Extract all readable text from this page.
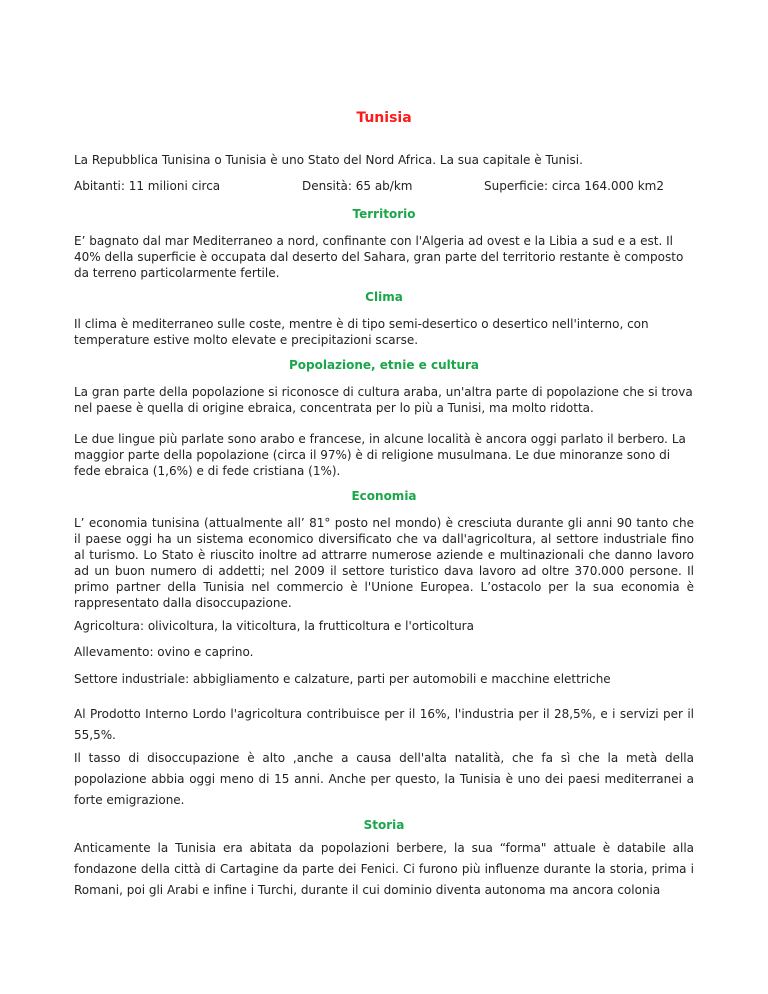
Tunisia

La Repubblica Tunisina o Tunisia è uno Stato del Nord Africa. La sua capitale è Tunisi.

Abitanti: 11 milioni circa	Densità: 65 ab/km	Superficie: circa 164.000 km2
Territorio

E’ bagnato dal mar Mediterraneo a nord, confinante con l'Algeria ad ovest e la Libia a sud e a est. Il 40% della superficie è occupata dal deserto del Sahara, gran parte del territorio restante è composto da terreno particolarmente fertile.

Clima

Il clima è mediterraneo sulle coste, mentre è di tipo semi-desertico o desertico nell'interno, con temperature estive molto elevate e precipitazioni scarse.

Popolazione, etnie e cultura

La gran parte della popolazione si riconosce di cultura araba, un'altra parte di popolazione che si trova nel paese è quella di origine ebraica, concentrata per lo più a Tunisi, ma molto ridotta.

Le due lingue più parlate sono arabo e francese, in alcune località è ancora oggi parlato il berbero. La maggior parte della popolazione (circa il 97%) è di religione musulmana. Le due minoranze sono di fede ebraica (1,6%) e di fede cristiana (1%).

Economia

L’ economia tunisina (attualmente all’ 81° posto nel mondo) è cresciuta durante gli anni 90 tanto che il paese oggi ha un sistema economico diversificato che va dall'agricoltura, al settore industriale fino al turismo. Lo Stato è riuscito inoltre ad attrarre numerose aziende e multinazionali che danno lavoro ad un buon numero di addetti; nel 2009 il settore turistico dava lavoro ad oltre 370.000 persone. Il primo partner della Tunisia nel commercio è l'Unione Europea. L’ostacolo per la sua economia è rappresentato dalla disoccupazione.

Agricoltura: olivicoltura, la viticoltura, la frutticoltura e l'orticoltura

Allevamento: ovino e caprino.

Settore industriale: abbigliamento e calzature, parti per automobili e macchine elettriche

Al Prodotto Interno Lordo l'agricoltura contribuisce per il 16%, l'industria per il 28,5%, e i servizi per il 55,5%.

Il tasso di disoccupazione è alto ,anche a causa dell'alta natalità, che fa sì che la metà della popolazione abbia oggi meno di 15 anni. Anche per questo, la Tunisia è uno dei paesi mediterranei a forte emigrazione.

Storia

Anticamente la Tunisia era abitata da popolazioni berbere, la sua “forma" attuale è databile alla fondazone della città di Cartagine da parte dei Fenici. Ci furono più influenze durante la storia, prima i Romani, poi gli Arabi e infine i Turchi, durante il cui dominio diventa autonoma ma ancora colonia
